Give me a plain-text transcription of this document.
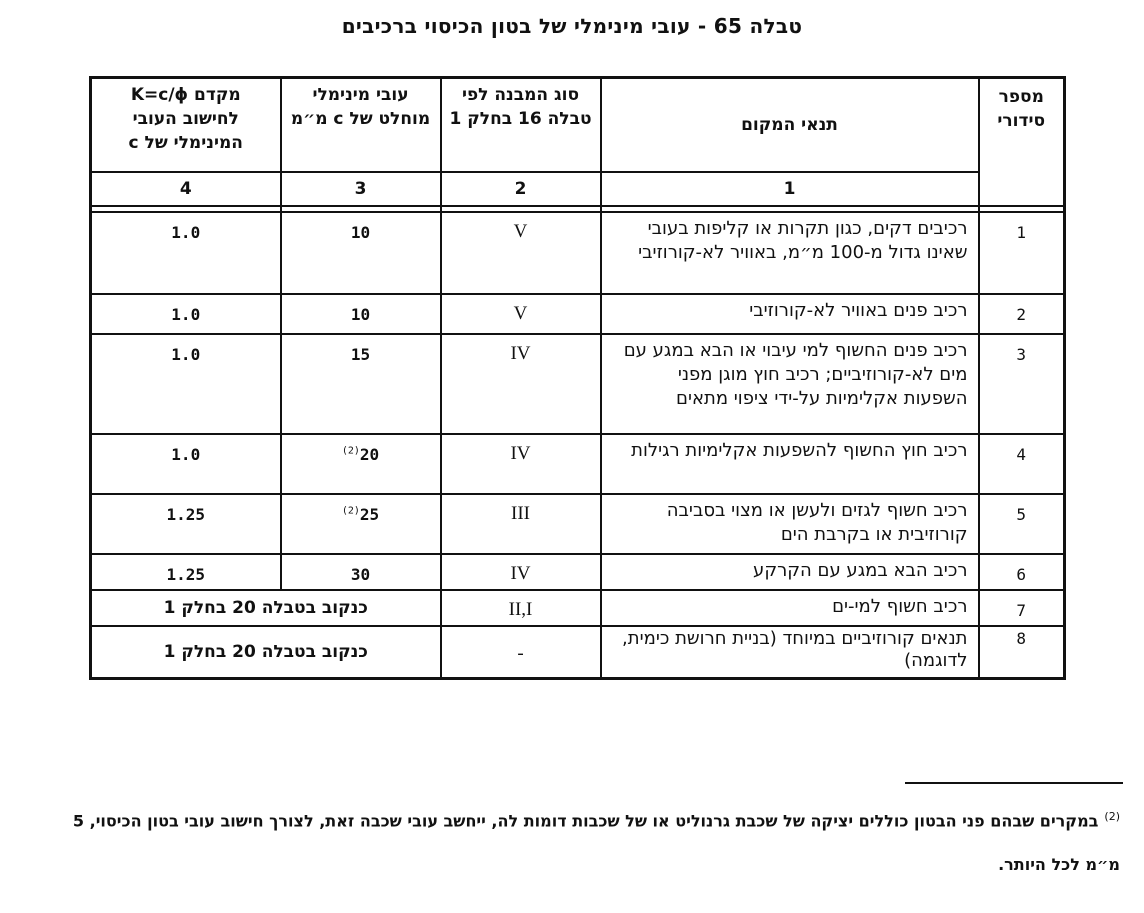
טבלה 65 - עובי מינימלי של בטון הכיסוי ברכיבים
מספר סידורי	תנאי המקום	סוג המבנה לפי טבלה 16 בחלק 1	עובי מינימלי מוחלט של c מ״מ	מקדם K=c/ϕ לחישוב העובי המינימלי של c
	1	2	3	4

1	רכיבים דקים, כגון תקרות או קליפות בעובי שאינו גדול מ-100 מ״מ, באוויר לא-קורוזיבי	V	10	1.0
2	רכיב פנים באוויר לא-קורוזיבי	V	10	1.0
3	רכיב פנים החשוף למי עיבוי או הבא במגע עם מים לא-קורוזיביים; רכיב חוץ מוגן מפני השפעות אקלימיות על-ידי ציפוי מתאים	IV	15	1.0
4	רכיב חוץ החשוף להשפעות אקלימיות רגילות	IV	20$^{(2)}$	1.0
5	רכיב חשוף לגזים ולעשן או מצוי בסביבה קורוזיבית או בקרבת הים	III	25$^{(2)}$	1.25
6	רכיב הבא במגע עם הקרקע	IV	30	1.25
7	רכיב חשוף למי-ים	II,I	כנקוב בטבלה 20 בחלק 1	
8	תנאים קורוזיביים במיוחד (בניית חרושת כימית, לדוגמה)	-	כנקוב בטבלה 20 בחלק 1	
$^{(2)}$במקרים שבהם פני הבטון כוללים יציקה של שכבת גרנוליט או של שכבות דומות לה, ייחשב עובי שכבה זאת, לצורך חישוב עובי בטון הכיסוי, 5 מ״מ לכל היותר.
